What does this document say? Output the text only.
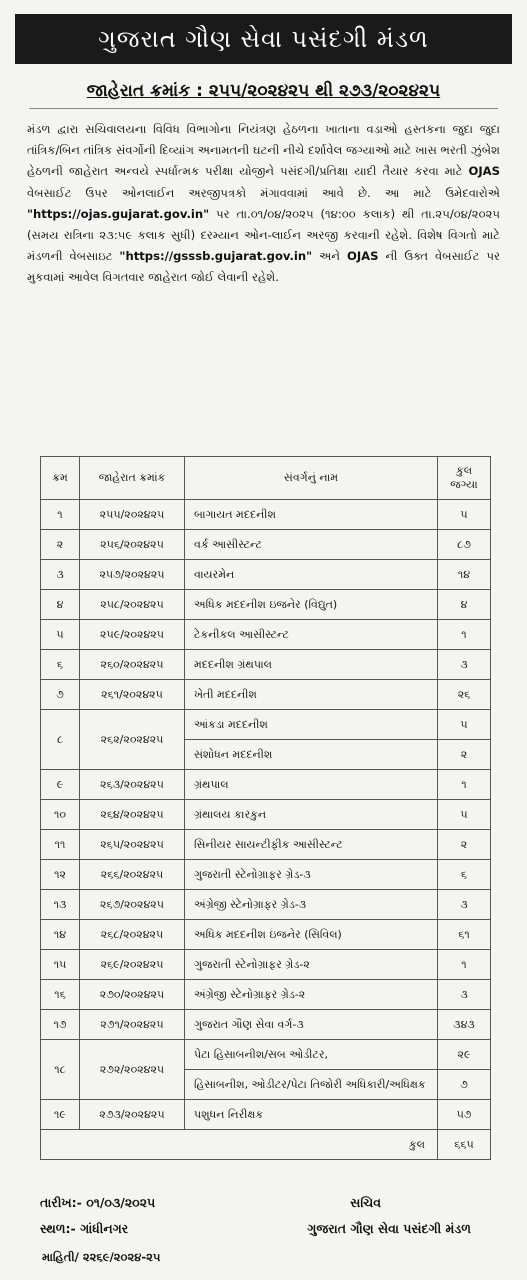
ગુજરાત ગૌણ સેવા પસંદગી મંડળ
જાહેરાત ક્રમાંક : ૨૫૫/૨૦૨૪૨૫ થી ૨૭૩/૨૦૨૪૨૫
મંડળ દ્વારા સચિવાલયના વિવિધ વિભાગોના નિયંત્રણ હેઠળના ખાતાના વડાઓ હસ્તકના જુદા જુદા તાંત્રિક/બિન તાંત્રિક સંવર્ગોની દિવ્યાંગ અનામતની ઘટની નીચે દર્શાવેલ જગ્યાઓ માટે ખાસ ભરતી ઝુંબેશ હેઠળની જાહેરાત અન્વયે સ્પર્ધાત્મક પરીક્ષા યોજીને પસંદગી/પ્રતિક્ષા યાદી તૈયાર કરવા માટે OJAS વેબસાઈટ ઉપર ઓનલાઈન અરજીપત્રકો મંગાવવામાં આવે છે. આ માટે ઉમેદવારોએ "https://ojas.gujarat.gov.in" પર તા.૦૧/૦૪/૨૦૨૫ (૧૪:૦૦ કલાક) થી તા.૨૫/૦૪/૨૦૨૫ (સમય રાત્રિના ૨૩:૫૯ કલાક સુધી) દરમ્યાન ઓન-લાઈન અરજી કરવાની રહેશે. વિશેષ વિગતો માટે મંડળની વેબસાઇટ "https://gsssb.gujarat.gov.in" અને OJAS ની ઉક્ત વેબસાઈટ પર મુકવામાં આવેલ વિગતવાર જાહેરાત જોઈ લેવાની રહેશે.
ક્રમ	જાહેરાત ક્રમાંક	સંવર્ગનું નામ	કુલ જગ્યા
૧	૨૫૫/૨૦૨૪૨૫	બાગાયત મદદનીશ	૫
૨	૨૫૬/૨૦૨૪૨૫	વર્ક આસીસ્ટન્ટ	૮૭
૩	૨૫૭/૨૦૨૪૨૫	વાયરમેન	૧૪
૪	૨૫૮/૨૦૨૪૨૫	અધિક મદદનીશ ઇજનેર (વિદ્યુત)	૪
૫	૨૫૯/૨૦૨૪૨૫	ટેકનીકલ આસીસ્ટન્ટ	૧
૬	૨૬૦/૨૦૨૪૨૫	મદદનીશ ગ્રંથપાલ	૩
૭	૨૬૧/૨૦૨૪૨૫	ખેતી મદદનીશ	૨૬
૮	૨૬૨/૨૦૨૪૨૫	આંકડા મદદનીશ	૫
		સંશોધન મદદનીશ	૨
૯	૨૬૩/૨૦૨૪૨૫	ગ્રંથપાલ	૧
૧૦	૨૬૪/૨૦૨૪૨૫	ગ્રંથાલય કારકુન	૫
૧૧	૨૬૫/૨૦૨૪૨૫	સિનીયર સાયન્ટીફીક આસીસ્ટન્ટ	૨
૧૨	૨૬૬/૨૦૨૪૨૫	ગુજરાતી સ્ટેનોગ્રાફર ગ્રેડ-૩	૬
૧૩	૨૬૭/૨૦૨૪૨૫	અંગ્રેજી સ્ટેનોગ્રાફર ગ્રેડ-૩	૩
૧૪	૨૬૮/૨૦૨૪૨૫	અધિક મદદનીશ ઇજનેર (સિવિલ)	૬૧
૧૫	૨૬૯/૨૦૨૪૨૫	ગુજરાતી સ્ટેનોગ્રાફર ગ્રેડ-૨	૧
૧૬	૨૭૦/૨૦૨૪૨૫	અંગ્રેજી સ્ટેનોગ્રાફર ગ્રેડ-૨	૩
૧૭	૨૭૧/૨૦૨૪૨૫	ગુજરાત ગૌણ સેવા વર્ગ-૩	૩૪૩
૧૮	૨૭૨/૨૦૨૪૨૫	પેટા હિસાબનીશ/સબ ઓડીટર,	૨૯
		હિસાબનીશ, ઓડીટર/પેટા તિજોરી અધિકારી/અધિક્ષક	૭
૧૯	૨૭૩/૨૦૨૪૨૫	પશુધન નિરીક્ષક	૫૭
કુલ			૬૬૫
તારીખ:- ૦૧/૦૩/૨૦૨૫	સચિવ
સ્થળ:- ગાંધીનગર	ગુજરાત ગૌણ સેવા પસંદગી મંડળ
માહિતી/ ૨૨૬૯/૨૦૨૪-૨૫
